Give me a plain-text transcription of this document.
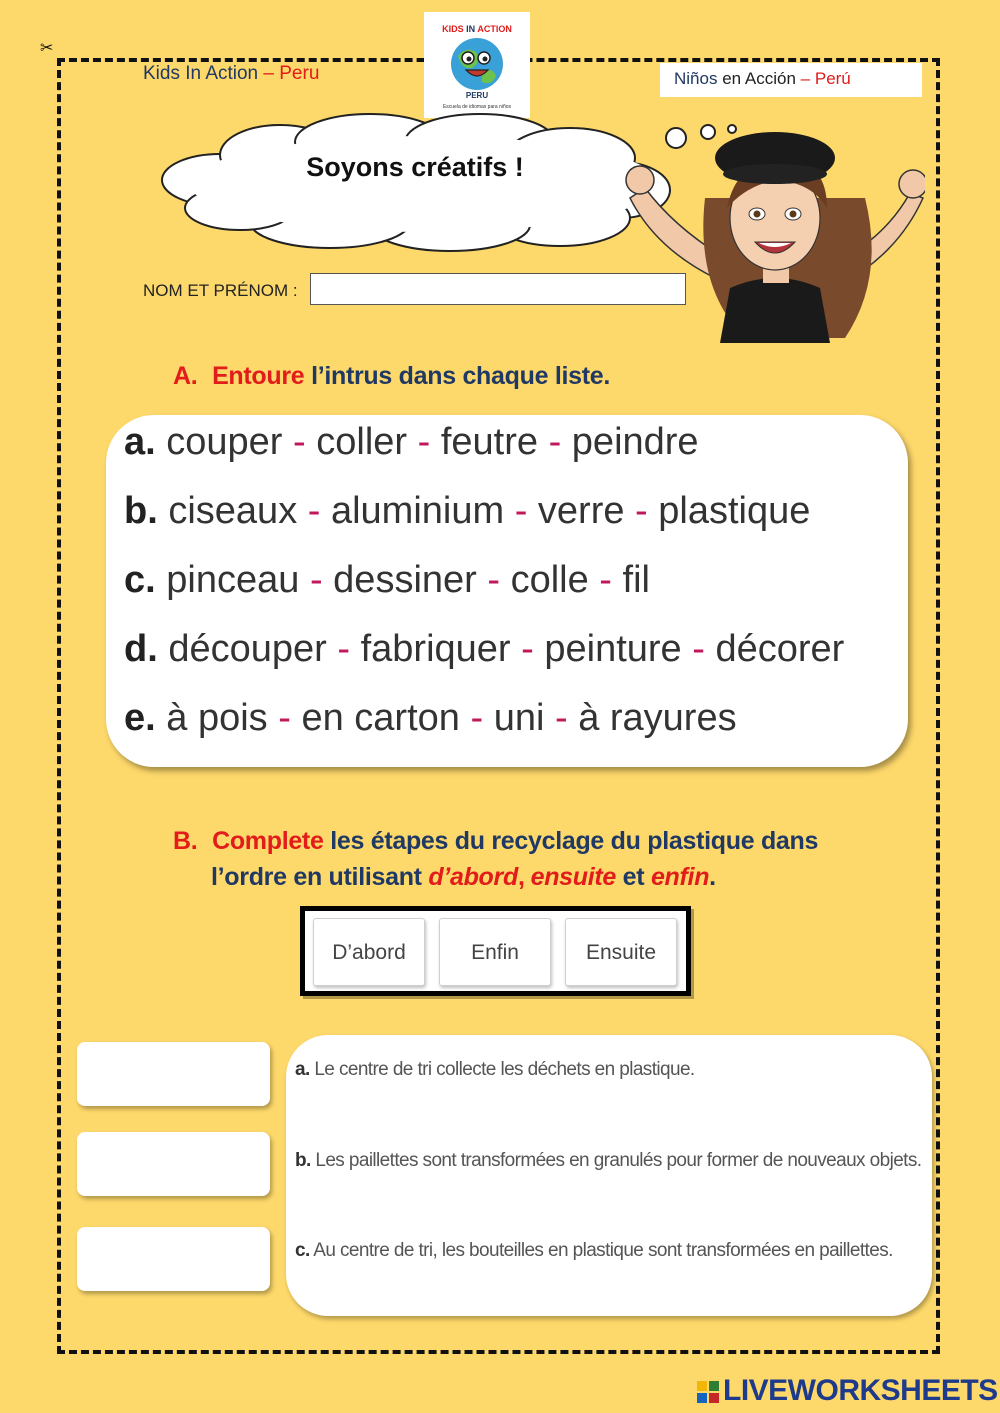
✂
Kids In Action – Peru
KIDS IN ACTION
PERU
Escuela de idiomas para niños
Niños en Acción – Perú
Soyons créatifs !
NOM ET PRÉNOM :
A. Entoure l’intrus dans chaque liste.
a. couper - coller - feutre - peindre
b. ciseaux - aluminium - verre - plastique
c. pinceau - dessiner - colle - fil
d. découper - fabriquer - peinture - décorer
e. à pois - en carton - uni - à rayures
B. Complete les étapes du recyclage du plastique dans
l’ordre en utilisant d’abord, ensuite et enfin.
D’abord	Enfin	Ensuite
a. Le centre de tri collecte les déchets en plastique.
b. Les paillettes sont transformées en granulés pour former de nouveaux objets.
c. Au centre de tri, les bouteilles en plastique sont transformées en paillettes.
LIVEWORKSHEETS
